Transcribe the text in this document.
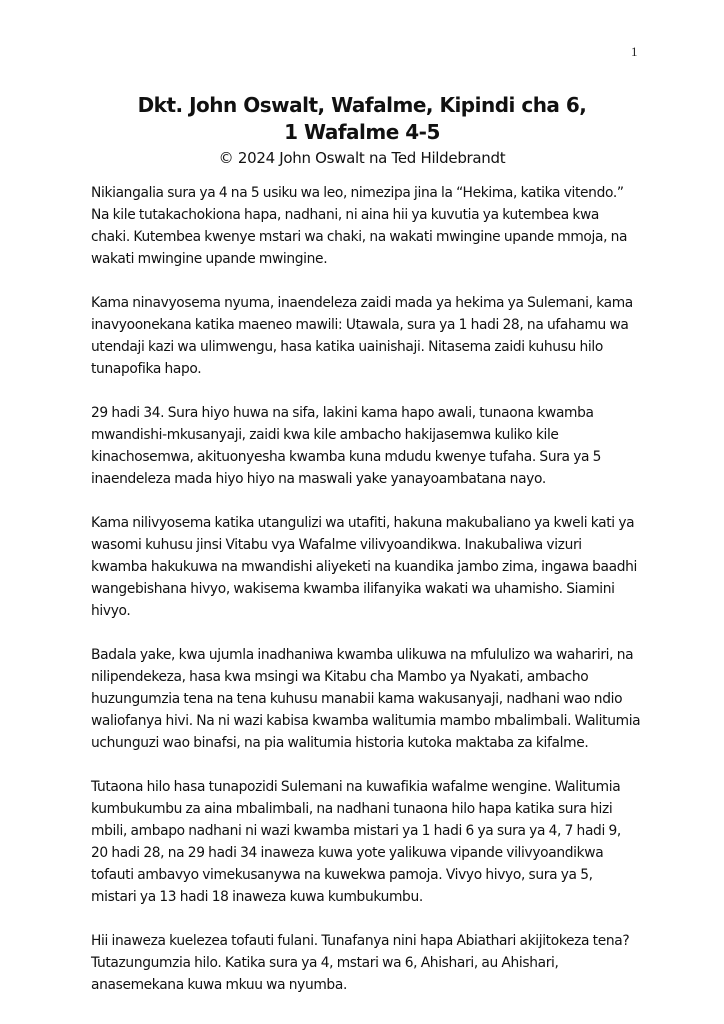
1
Dkt. John Oswalt, Wafalme, Kipindi cha 6,
1 Wafalme 4-5
© 2024 John Oswalt na Ted Hildebrandt

Nikiangalia sura ya 4 na 5 usiku wa leo, nimezipa jina la “Hekima, katika vitendo.” Na kile tutakachokiona hapa, nadhani, ni aina hii ya kuvutia ya kutembea kwa chaki. Kutembea kwenye mstari wa chaki, na wakati mwingine upande mmoja, na wakati mwingine upande mwingine.

Kama ninavyosema nyuma, inaendeleza zaidi mada ya hekima ya Sulemani, kama inavyoonekana katika maeneo mawili: Utawala, sura ya 1 hadi 28, na ufahamu wa utendaji kazi wa ulimwengu, hasa katika uainishaji. Nitasema zaidi kuhusu hilo tunapofika hapo.

29 hadi 34. Sura hiyo huwa na sifa, lakini kama hapo awali, tunaona kwamba mwandishi-mkusanyaji, zaidi kwa kile ambacho hakijasemwa kuliko kile kinachosemwa, akituonyesha kwamba kuna mdudu kwenye tufaha. Sura ya 5 inaendeleza mada hiyo hiyo na maswali yake yanayoambatana nayo.

Kama nilivyosema katika utangulizi wa utafiti, hakuna makubaliano ya kweli kati ya wasomi kuhusu jinsi Vitabu vya Wafalme vilivyoandikwa. Inakubaliwa vizuri kwamba hakukuwa na mwandishi aliyeketi na kuandika jambo zima, ingawa baadhi wangebishana hivyo, wakisema kwamba ilifanyika wakati wa uhamisho. Siamini hivyo.

Badala yake, kwa ujumla inadhaniwa kwamba ulikuwa na mfululizo wa wahariri, na nilipendekeza, hasa kwa msingi wa Kitabu cha Mambo ya Nyakati, ambacho huzungumzia tena na tena kuhusu manabii kama wakusanyaji, nadhani wao ndio waliofanya hivi. Na ni wazi kabisa kwamba walitumia mambo mbalimbali. Walitumia uchunguzi wao binafsi, na pia walitumia historia kutoka maktaba za kifalme.

Tutaona hilo hasa tunapozidi Sulemani na kuwafikia wafalme wengine. Walitumia kumbukumbu za aina mbalimbali, na nadhani tunaona hilo hapa katika sura hizi mbili, ambapo nadhani ni wazi kwamba mistari ya 1 hadi 6 ya sura ya 4, 7 hadi 9, 20 hadi 28, na 29 hadi 34 inaweza kuwa yote yalikuwa vipande vilivyoandikwa tofauti ambavyo vimekusanywa na kuwekwa pamoja. Vivyo hivyo, sura ya 5, mistari ya 13 hadi 18 inaweza kuwa kumbukumbu.

Hii inaweza kuelezea tofauti fulani. Tunafanya nini hapa Abiathari akijitokeza tena? Tutazungumzia hilo. Katika sura ya 4, mstari wa 6, Ahishari, au Ahishari, anasemekana kuwa mkuu wa nyumba.
